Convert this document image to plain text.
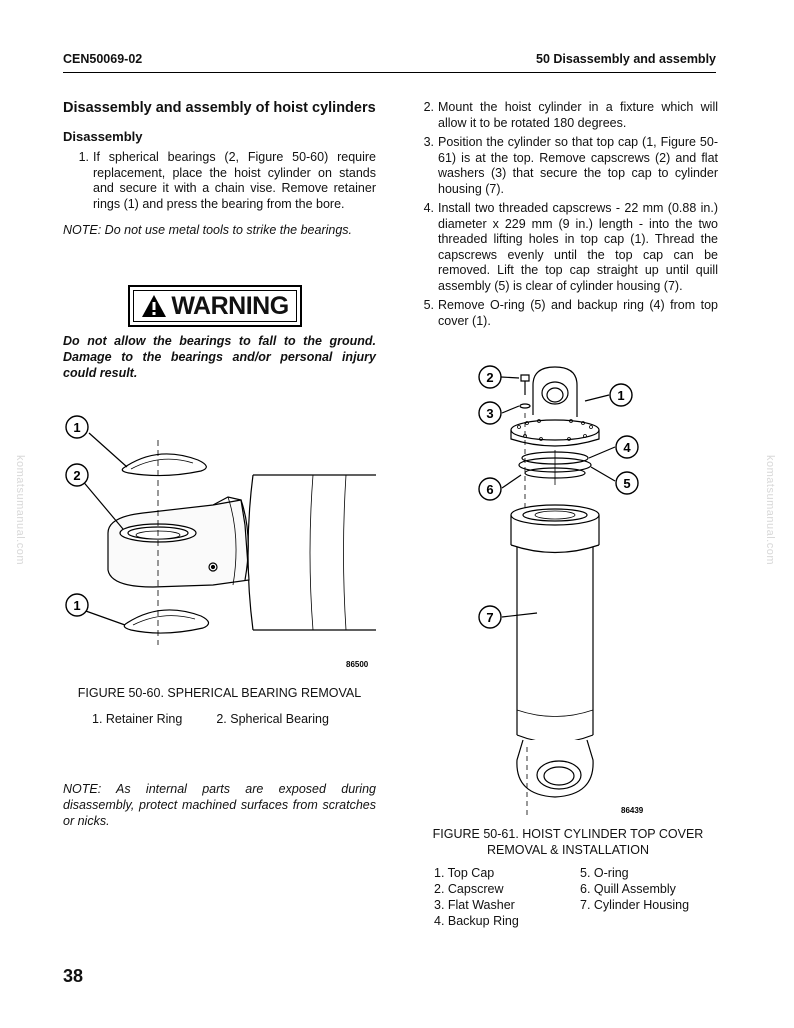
CEN50069-02	50 Disassembly and assembly
Disassembly and assembly of hoist cylinders
Disassembly
1. If spherical bearings (2, Figure 50-60) require replacement, place the hoist cylinder on stands and secure it with a chain vise. Remove retainer rings (1) and press the bearing from the bore.
NOTE: Do not use metal tools to strike the bearings.
WARNING
Do not allow the bearings to fall to the ground. Damage to the bearings and/or personal injury could result.
1
2
1
86500
FIGURE 50-60. SPHERICAL BEARING REMOVAL
1. Retainer Ring	2. Spherical Bearing
NOTE: As internal parts are exposed during disassembly, protect machined surfaces from scratches or nicks.
2. Mount the hoist cylinder in a fixture which will allow it to be rotated 180 degrees.
3. Position the cylinder so that top cap (1, Figure 50-61) is at the top. Remove capscrews (2) and flat washers (3) that secure the top cap to cylinder housing (7).
4. Install two threaded capscrews - 22 mm (0.88 in.) diameter x 229 mm (9 in.) length - into the two threaded lifting holes in top cap (1). Thread the capscrews evenly until the top cap can be removed. Lift the top cap straight up until quill assembly (5) is clear of cylinder housing (7).
5. Remove O-ring (5) and backup ring (4) from top cover (1).
2
1
3
4
6	5
7
86439
FIGURE 50-61. HOIST CYLINDER TOP COVER
REMOVAL & INSTALLATION
1. Top Cap	5. O-ring
2. Capscrew	6. Quill Assembly
3. Flat Washer	7. Cylinder Housing
4. Backup Ring
38
komatsumanual.com	komatsumanual.com
